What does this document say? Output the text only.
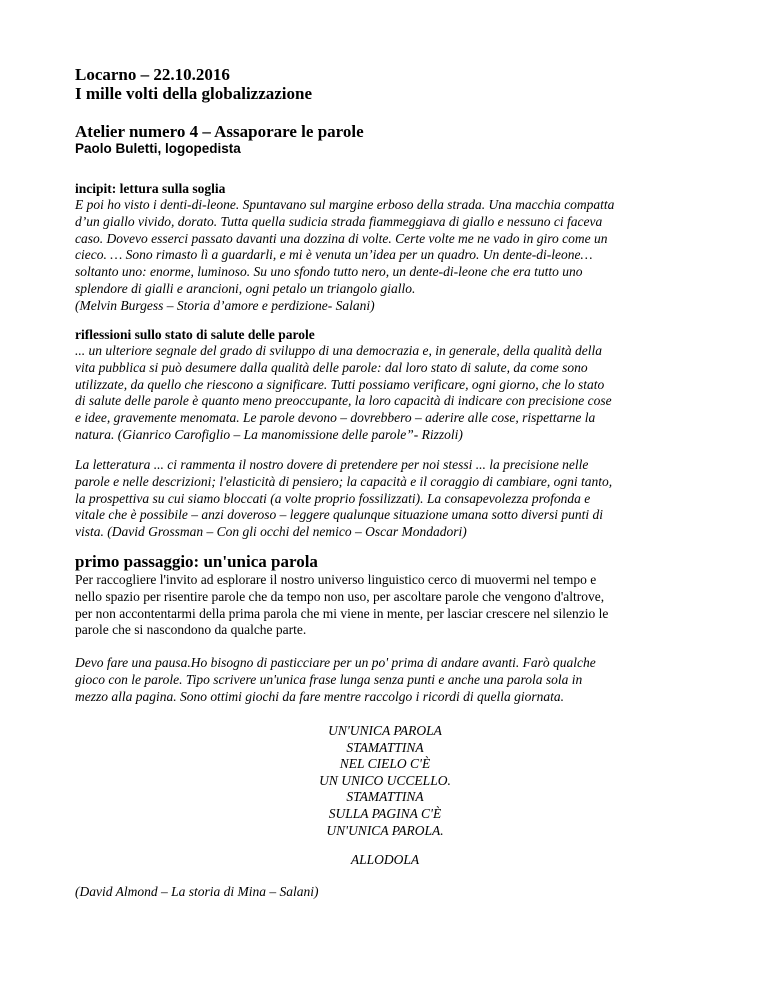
Locarno – 22.10.2016
I mille volti della globalizzazione
Atelier numero 4 – Assaporare le parole
Paolo Buletti, logopedista
incipit: lettura sulla soglia
E poi ho visto i denti-di-leone. Spuntavano sul margine erboso della strada. Una macchia compatta
d’un giallo vivido, dorato. Tutta quella sudicia strada fiammeggiava di giallo e nessuno ci faceva
caso. Dovevo esserci passato davanti una dozzina di volte. Certe volte me ne vado in giro come un
cieco. … Sono rimasto lì a guardarli, e mi è venuta un’idea per un quadro. Un dente-di-leone…
soltanto uno: enorme, luminoso. Su uno sfondo tutto nero, un dente-di-leone che era tutto uno
splendore di gialli e arancioni, ogni petalo un triangolo giallo.
(Melvin Burgess – Storia d’amore e perdizione- Salani)
riflessioni sullo stato di salute delle parole
... un ulteriore segnale del grado di sviluppo di una democrazia e, in generale, della qualità della
vita pubblica si può desumere dalla qualità delle parole: dal loro stato di salute, da come sono
utilizzate, da quello che riescono a significare. Tutti possiamo verificare, ogni giorno, che lo stato
di salute delle parole è quanto meno preoccupante, la loro capacità di indicare con precisione cose
e idee, gravemente menomata. Le parole devono – dovrebbero – aderire alle cose, rispettarne la
natura. (Gianrico Carofiglio – La manomissione delle parole”- Rizzoli)
La letteratura ... ci rammenta il nostro dovere di pretendere per noi stessi ... la precisione nelle
parole e nelle descrizioni; l'elasticità di pensiero; la capacità e il coraggio di cambiare, ogni tanto,
la prospettiva su cui siamo bloccati (a volte proprio fossilizzati). La consapevolezza profonda e
vitale che è possibile – anzi doveroso – leggere qualunque situazione umana sotto diversi punti di
vista. (David Grossman – Con gli occhi del nemico – Oscar Mondadori)
primo passaggio: un'unica parola
Per raccogliere l'invito ad esplorare il nostro universo linguistico cerco di muovermi nel tempo e
nello spazio per risentire parole che da tempo non uso, per ascoltare parole che vengono d'altrove,
per non accontentarmi della prima parola che mi viene in mente, per lasciar crescere nel silenzio le
parole che si nascondono da qualche parte.
Devo fare una pausa.Ho bisogno di pasticciare per un po' prima di andare avanti. Farò qualche
gioco con le parole. Tipo scrivere un'unica frase lunga senza punti e anche una parola sola in
mezzo alla pagina. Sono ottimi giochi da fare mentre raccolgo i ricordi di quella giornata.
UN'UNICA PAROLA
STAMATTINA
NEL CIELO C'È
UN UNICO UCCELLO.
STAMATTINA
SULLA PAGINA C'È
UN'UNICA PAROLA.
ALLODOLA
(David Almond – La storia di Mina – Salani)
